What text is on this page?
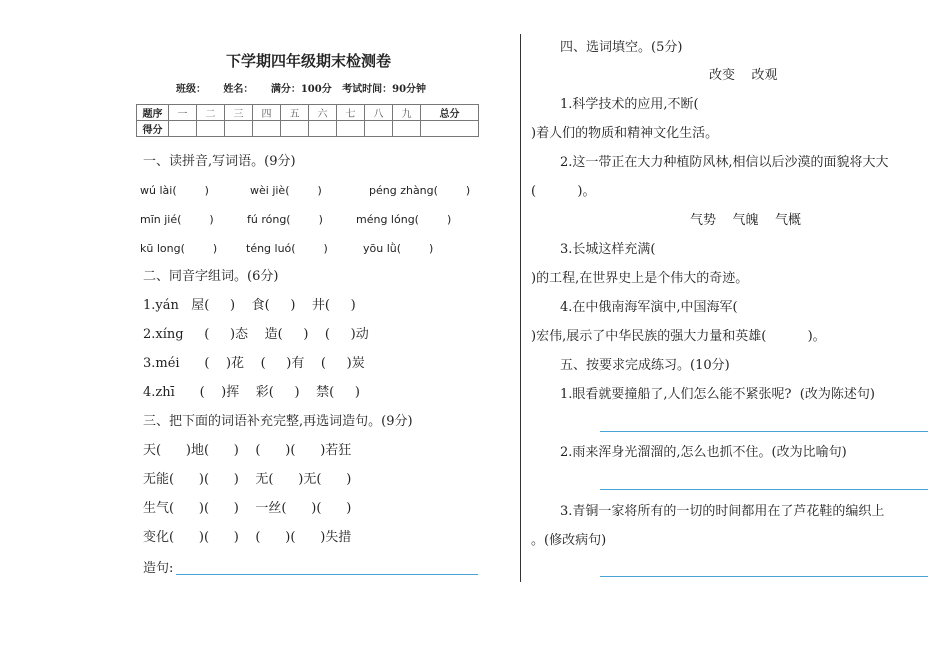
下学期四年级期末检测卷
班级：     姓名：     满分：100分   考试时间：90分钟
题序	一	二	三	四	五	六	七	八	九	总分
得分										
一、读拼音,写词语。(9分)
wú lài(        )	wèi jiè(        )	péng zhàng(        )
mīn jié(        )	fú róng(        )	méng lóng(        )
kū long(        )	téng luó(        )	yōu lǜ(        )
二、同音字组词。(6分)
1.yán   屋(     )    食(     )    井(     )
2.xíng     (     )态    造(     )    (     )动
3.méi      (    )花    (     )有    (     )炭
4.zhī      (    )挥    彩(     )    禁(     )
三、把下面的词语补充完整,再选词造句。(9分)
天(      )地(      )    (      )(      )若狂
无能(      )(      )    无(      )无(      )
生气(      )(      )    一丝(      )(      )
变化(      )(      )    (      )(      )失措
造句:
四、选词填空。(5分)
改变    改观
1.科学技术的应用,不断(
)着人们的物质和精神文化生活。
2.这一带正在大力种植防风林,相信以后沙漠的面貌将大大
(          )。
气势    气魄    气概
3.长城这样充满(
)的工程,在世界史上是个伟大的奇迹。
4.在中俄南海军演中,中国海军(
)宏伟,展示了中华民族的强大力量和英雄(          )。
五、按要求完成练习。(10分)
1.眼看就要撞船了,人们怎么能不紧张呢?  (改为陈述句)
2.雨来浑身光溜溜的,怎么也抓不住。(改为比喻句)
3.青铜一家将所有的一切的时间都用在了芦花鞋的编织上
。(修改病句)
